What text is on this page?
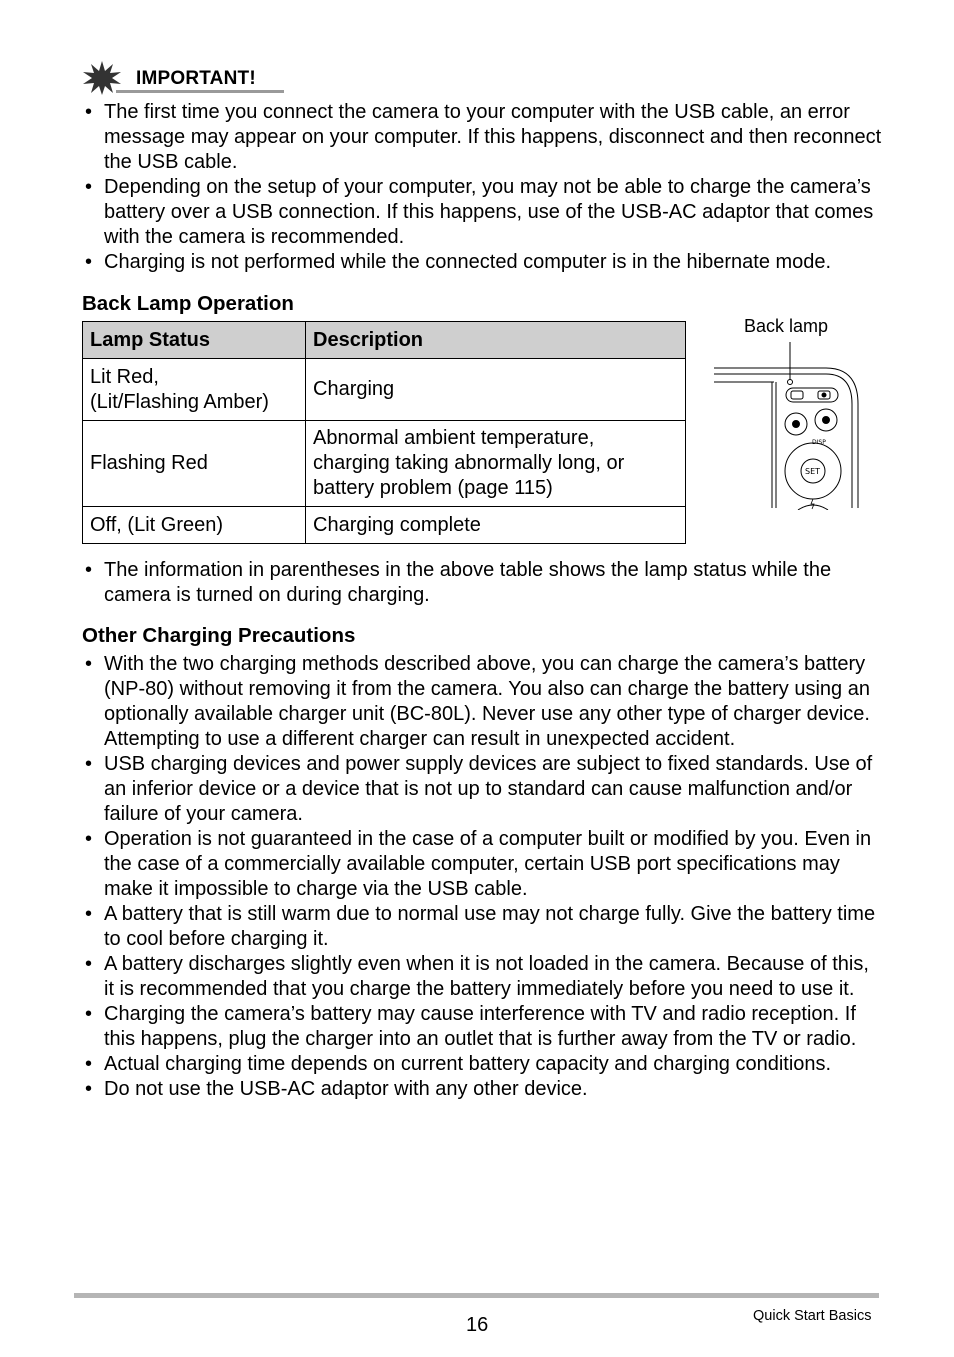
IMPORTANT!
• The first time you connect the camera to your computer with the USB cable, an error message may appear on your computer. If this happens, disconnect and then reconnect the USB cable.
• Depending on the setup of your computer, you may not be able to charge the camera’s battery over a USB connection. If this happens, use of the USB-AC adaptor that comes with the camera is recommended.
• Charging is not performed while the connected computer is in the hibernate mode.
Back Lamp Operation
Lamp Status	Description
Lit Red,
(Lit/Flashing Amber)	Charging
Flashing Red	Abnormal ambient temperature,
charging taking abnormally long, or
battery problem (page 115)
Off, (Lit Green)	Charging complete
Back lamp
DISP
SET
• The information in parentheses in the above table shows the lamp status while the camera is turned on during charging.
Other Charging Precautions
• With the two charging methods described above, you can charge the camera’s battery (NP-80) without removing it from the camera. You also can charge the battery using an optionally available charger unit (BC-80L). Never use any other type of charger device. Attempting to use a different charger can result in unexpected accident.
• USB charging devices and power supply devices are subject to fixed standards. Use of an inferior device or a device that is not up to standard can cause malfunction and/or failure of your camera.
• Operation is not guaranteed in the case of a computer built or modified by you. Even in the case of a commercially available computer, certain USB port specifications may make it impossible to charge via the USB cable.
• A battery that is still warm due to normal use may not charge fully. Give the battery time to cool before charging it.
• A battery discharges slightly even when it is not loaded in the camera. Because of this, it is recommended that you charge the battery immediately before you need to use it.
• Charging the camera’s battery may cause interference with TV and radio reception. If this happens, plug the charger into an outlet that is further away from the TV or radio.
• Actual charging time depends on current battery capacity and charging conditions.
• Do not use the USB-AC adaptor with any other device.
16	Quick Start Basics
